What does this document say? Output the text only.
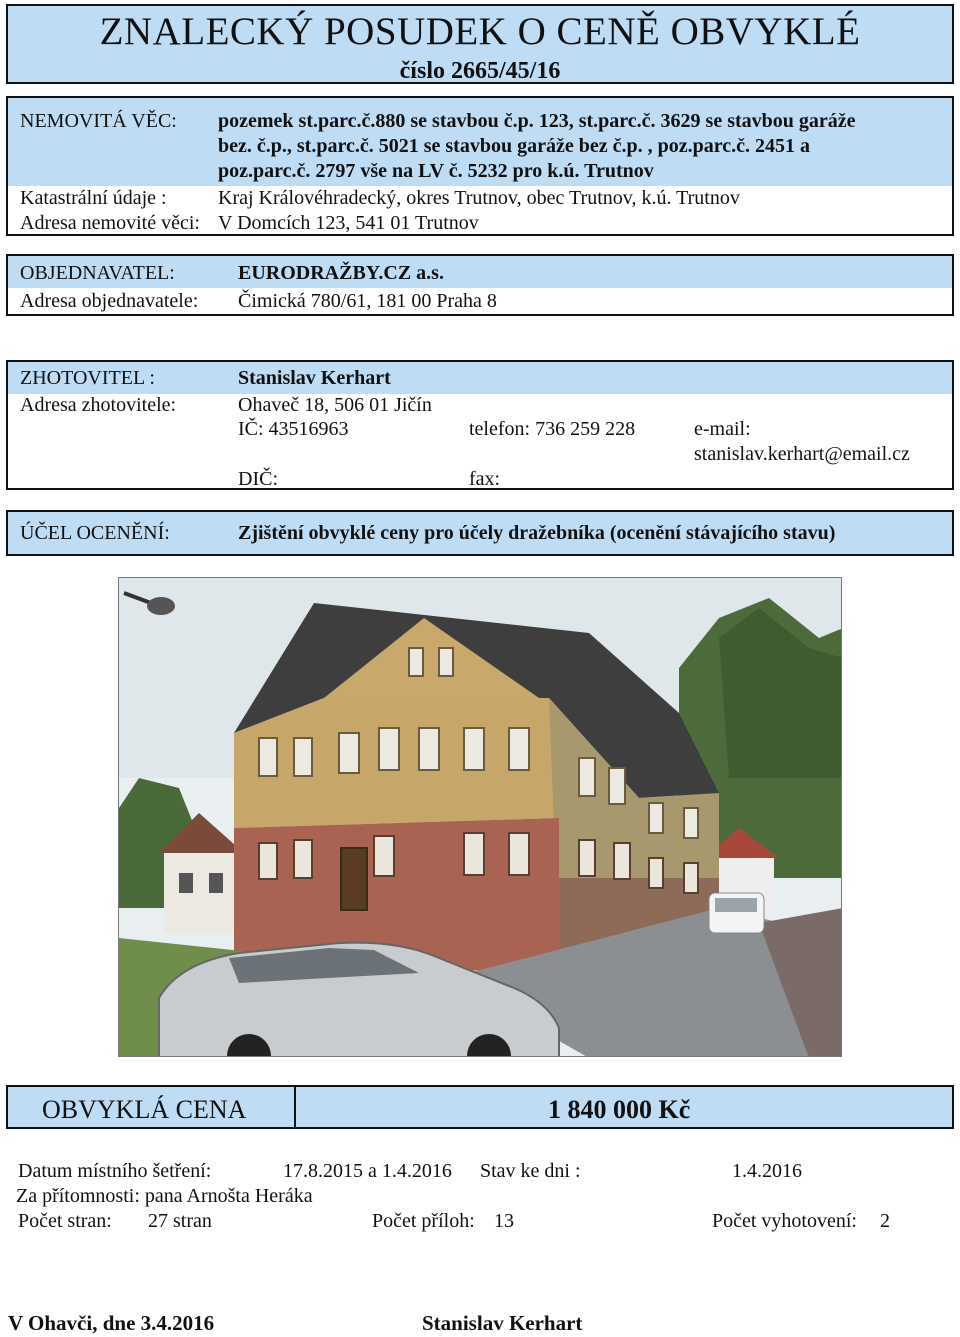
ZNALECKÝ POSUDEK O CENĚ OBVYKLÉ
číslo 2665/45/16
NEMOVITÁ VĚC: pozemek st.parc.č.880 se stavbou č.p. 123, st.parc.č. 3629 se stavbou garáže
bez. č.p., st.parc.č. 5021 se stavbou garáže bez č.p. , poz.parc.č. 2451 a
poz.parc.č. 2797 vše na LV č. 5232 pro k.ú. Trutnov
Katastrální údaje :	Kraj Královéhradecký, okres Trutnov, obec Trutnov, k.ú. Trutnov
Adresa nemovité věci: V Domcích 123, 541 01 Trutnov
OBJEDNAVATEL:	EURODRAŽBY.CZ a.s.
Adresa objednavatele: Čimická 780/61, 181 00 Praha 8
ZHOTOVITEL :	Stanislav Kerhart
Adresa zhotovitele:	Ohaveč 18, 506 01 Jičín
IČ: 43516963	telefon: 736 259 228	e-mail:
stanislav.kerhart@email.cz
DIČ:	fax:
ÚČEL OCENĚNÍ:	Zjištění obvyklé ceny pro účely dražebníka (ocenění stávajícího stavu)
OBVYKLÁ CENA	1 840 000 Kč
Datum místního šetření:	17.8.2015 a 1.4.2016 Stav ke dni :	1.4.2016
Za přítomnosti: pana Arnošta Heráka
Počet stran: 27 stran	Počet příloh: 13	Počet vyhotovení: 2
V Ohavči, dne 3.4.2016	Stanislav Kerhart
